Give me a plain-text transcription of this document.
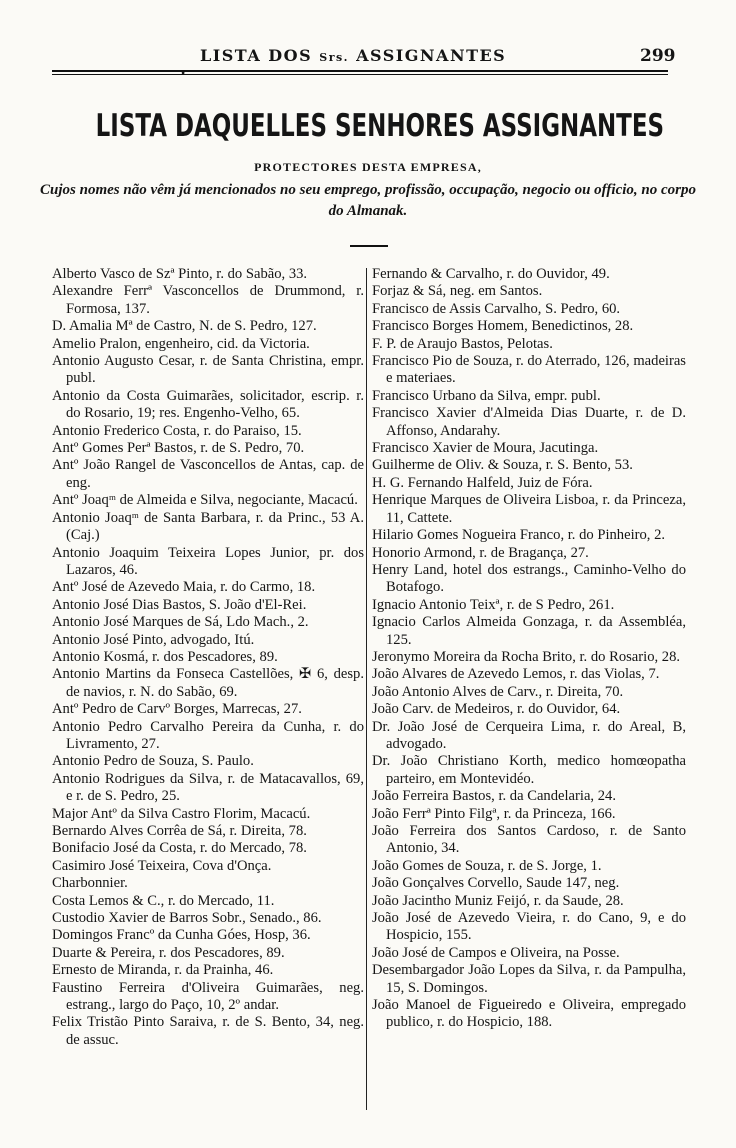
•
LISTA DOS Srs. ASSIGNANTES	299
LISTA DAQUELLES SENHORES ASSIGNANTES
PROTECTORES DESTA EMPRESA,
Cujos nomes não vêm já mencionados no seu emprego, profissão, occupação, negocio ou officio, no corpo do Almanak.

Alberto Vasco de Szª Pinto, r. do Sabão, 33.

Alexandre Ferrª Vasconcellos de Drummond, r. Formosa, 137.

D. Amalia Mª de Castro, N. de S. Pedro, 127.

Amelio Pralon, engenheiro, cid. da Victoria.

Antonio Augusto Cesar, r. de Santa Christina, empr. publ.

Antonio da Costa Guimarães, solicitador, escrip. r. do Rosario, 19; res. Engenho-Velho, 65.

Antonio Frederico Costa, r. do Paraiso, 15.

Antº Gomes Perª Bastos, r. de S. Pedro, 70.

Antº João Rangel de Vasconcellos de Antas, cap. de eng.

Antº Joaqᵐ de Almeida e Silva, negociante, Macacú.

Antonio Joaqᵐ de Santa Barbara, r. da Princ., 53 A. (Caj.)

Antonio Joaquim Teixeira Lopes Junior, pr. dos Lazaros, 46.

Antº José de Azevedo Maia, r. do Carmo, 18.

Antonio José Dias Bastos, S. João d'El-Rei.

Antonio José Marques de Sá, Ldo Mach., 2.

Antonio José Pinto, advogado, Itú.

Antonio Kosmá, r. dos Pescadores, 89.

Antonio Martins da Fonseca Castellões, ✠ 6, desp. de navios, r. N. do Sabão, 69.

Antº Pedro de Carvº Borges, Marrecas, 27.

Antonio Pedro Carvalho Pereira da Cunha, r. do Livramento, 27.

Antonio Pedro de Souza, S. Paulo.

Antonio Rodrigues da Silva, r. de Matacavallos, 69, e r. de S. Pedro, 25.

Major Antº da Silva Castro Florim, Macacú.

Bernardo Alves Corrêa de Sá, r. Direita, 78.

Bonifacio José da Costa, r. do Mercado, 78.

Casimiro José Teixeira, Cova d'Onça.

Charbonnier.

Costa Lemos & C., r. do Mercado, 11.

Custodio Xavier de Barros Sobr., Senado., 86.

Domingos Francº da Cunha Góes, Hosp, 36.

Duarte & Pereira, r. dos Pescadores, 89.

Ernesto de Miranda, r. da Prainha, 46.

Faustino Ferreira d'Oliveira Guimarães, neg. estrang., largo do Paço, 10, 2º andar.

Felix Tristão Pinto Saraiva, r. de S. Bento, 34, neg. de assuc.

Fernando & Carvalho, r. do Ouvidor, 49.

Forjaz & Sá, neg. em Santos.

Francisco de Assis Carvalho, S. Pedro, 60.

Francisco Borges Homem, Benedictinos, 28.

F. P. de Araujo Bastos, Pelotas.

Francisco Pio de Souza, r. do Aterrado, 126, madeiras e materiaes.

Francisco Urbano da Silva, empr. publ.

Francisco Xavier d'Almeida Dias Duarte, r. de D. Affonso, Andarahy.

Francisco Xavier de Moura, Jacutinga.

Guilherme de Oliv. & Souza, r. S. Bento, 53.

H. G. Fernando Halfeld, Juiz de Fóra.

Henrique Marques de Oliveira Lisboa, r. da Princeza, 11, Cattete.

Hilario Gomes Nogueira Franco, r. do Pinheiro, 2.

Honorio Armond, r. de Bragança, 27.

Henry Land, hotel dos estrangs., Caminho-Velho do Botafogo.

Ignacio Antonio Teixª, r. de S Pedro, 261.

Ignacio Carlos Almeida Gonzaga, r. da Assembléa, 125.

Jeronymo Moreira da Rocha Brito, r. do Rosario, 28.

João Alvares de Azevedo Lemos, r. das Violas, 7.

João Antonio Alves de Carv., r. Direita, 70.

João Carv. de Medeiros, r. do Ouvidor, 64.

Dr. João José de Cerqueira Lima, r. do Areal, B, advogado.

Dr. João Christiano Korth, medico homœopatha parteiro, em Montevidéo.

João Ferreira Bastos, r. da Candelaria, 24.

João Ferrª Pinto Filgª, r. da Princeza, 166.

João Ferreira dos Santos Cardoso, r. de Santo Antonio, 34.

João Gomes de Souza, r. de S. Jorge, 1.

João Gonçalves Corvello, Saude 147, neg.

João Jacintho Muniz Feijó, r. da Saude, 28.

João José de Azevedo Vieira, r. do Cano, 9, e do Hospicio, 155.

João José de Campos e Oliveira, na Posse.

Desembargador João Lopes da Silva, r. da Pampulha, 15, S. Domingos.

João Manoel de Figueiredo e Oliveira, empregado publico, r. do Hospicio, 188.
